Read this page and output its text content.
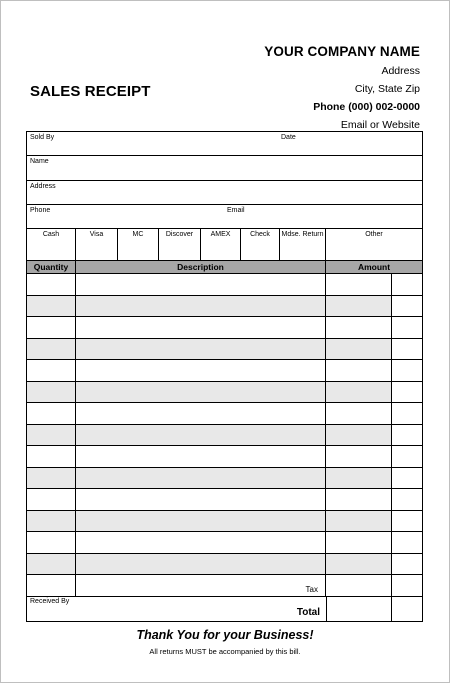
YOUR COMPANY NAME
Address
City, State Zip
Phone (000) 002-0000
Email or Website
SALES RECEIPT
Sold By	Date
Name
Address
Phone	Email
Cash	Visa	MC	Discover	AMEX	Check	Mdse. Return	Other
Quantity	Description	Amount
Tax
Received By
Total
Thank You for your Business!
All returns MUST be accompanied by this bill.
